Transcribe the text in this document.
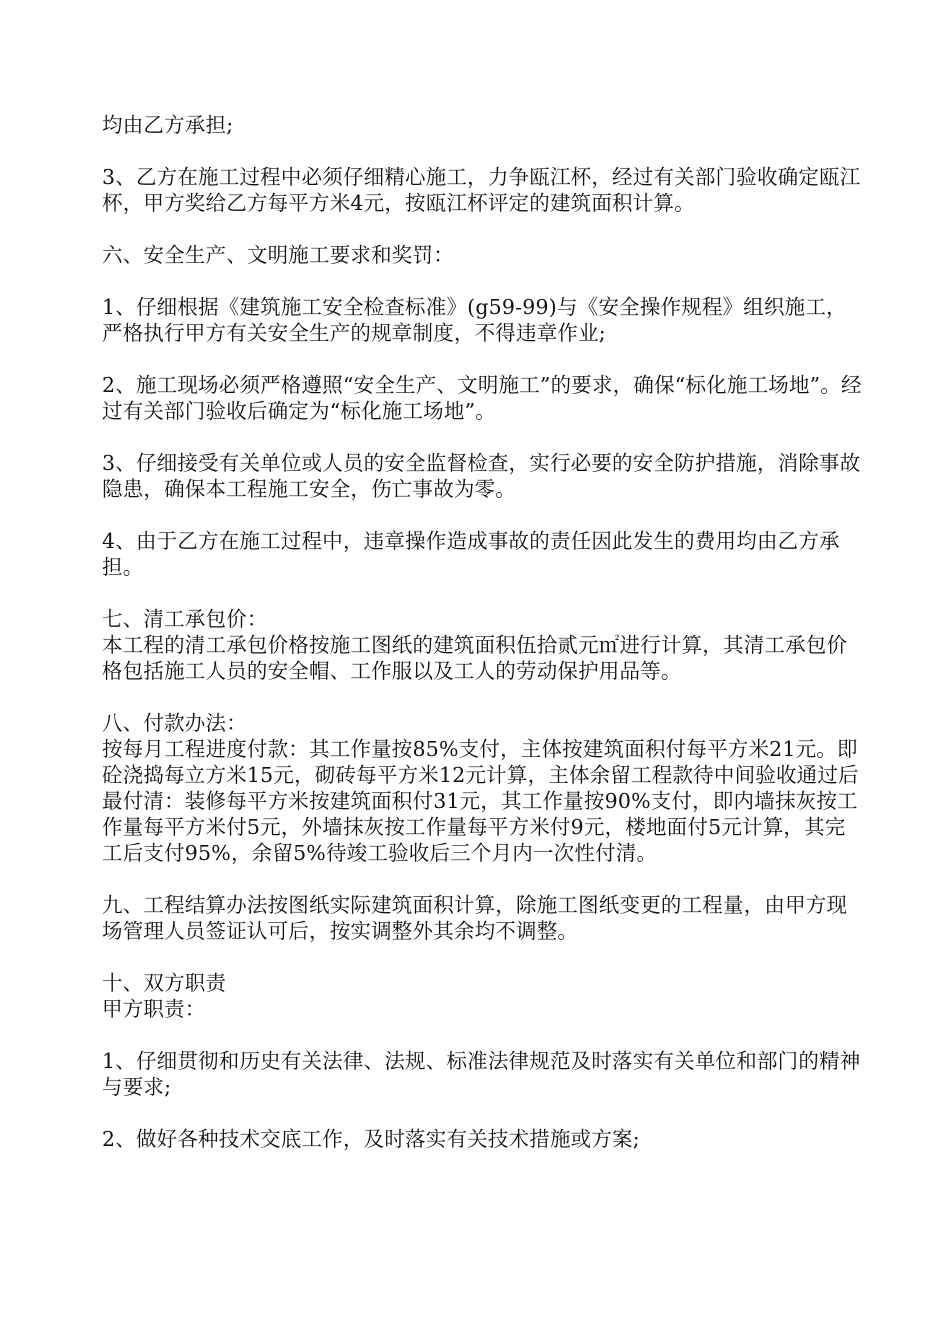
均由乙方承担;

3、乙方在施工过程中必须仔细精心施工，力争瓯江杯，经过有关部门验收确定瓯江杯，甲方奖给乙方每平方米4元，按瓯江杯评定的建筑面积计算。

六、安全生产、文明施工要求和奖罚：

1、仔细根据《建筑施工安全检查标准》(g59-99)与《安全操作规程》组织施工，严格执行甲方有关安全生产的规章制度，不得违章作业;

2、施工现场必须严格遵照“安全生产、文明施工”的要求，确保“标化施工场地”。经过有关部门验收后确定为“标化施工场地”。

3、仔细接受有关单位或人员的安全监督检查，实行必要的安全防护措施，消除事故隐患，确保本工程施工安全，伤亡事故为零。

4、由于乙方在施工过程中，违章操作造成事故的责任因此发生的费用均由乙方承担。

七、清工承包价：

本工程的清工承包价格按施工图纸的建筑面积伍拾贰元㎡进行计算，其清工承包价格包括施工人员的安全帽、工作服以及工人的劳动保护用品等。

八、付款办法：

按每月工程进度付款：其工作量按85%支付，主体按建筑面积付每平方米21元。即砼浇捣每立方米15元，砌砖每平方米12元计算，主体余留工程款待中间验收通过后最付清：装修每平方米按建筑面积付31元，其工作量按90%支付，即内墙抹灰按工作量每平方米付5元，外墙抹灰按工作量每平方米付9元，楼地面付5元计算，其完工后支付95%，余留5%待竣工验收后三个月内一次性付清。

九、工程结算办法按图纸实际建筑面积计算，除施工图纸变更的工程量，由甲方现场管理人员签证认可后，按实调整外其余均不调整。

十、双方职责

甲方职责：

1、仔细贯彻和历史有关法律、法规、标准法律规范及时落实有关单位和部门的精神与要求;

2、做好各种技术交底工作，及时落实有关技术措施或方案;
